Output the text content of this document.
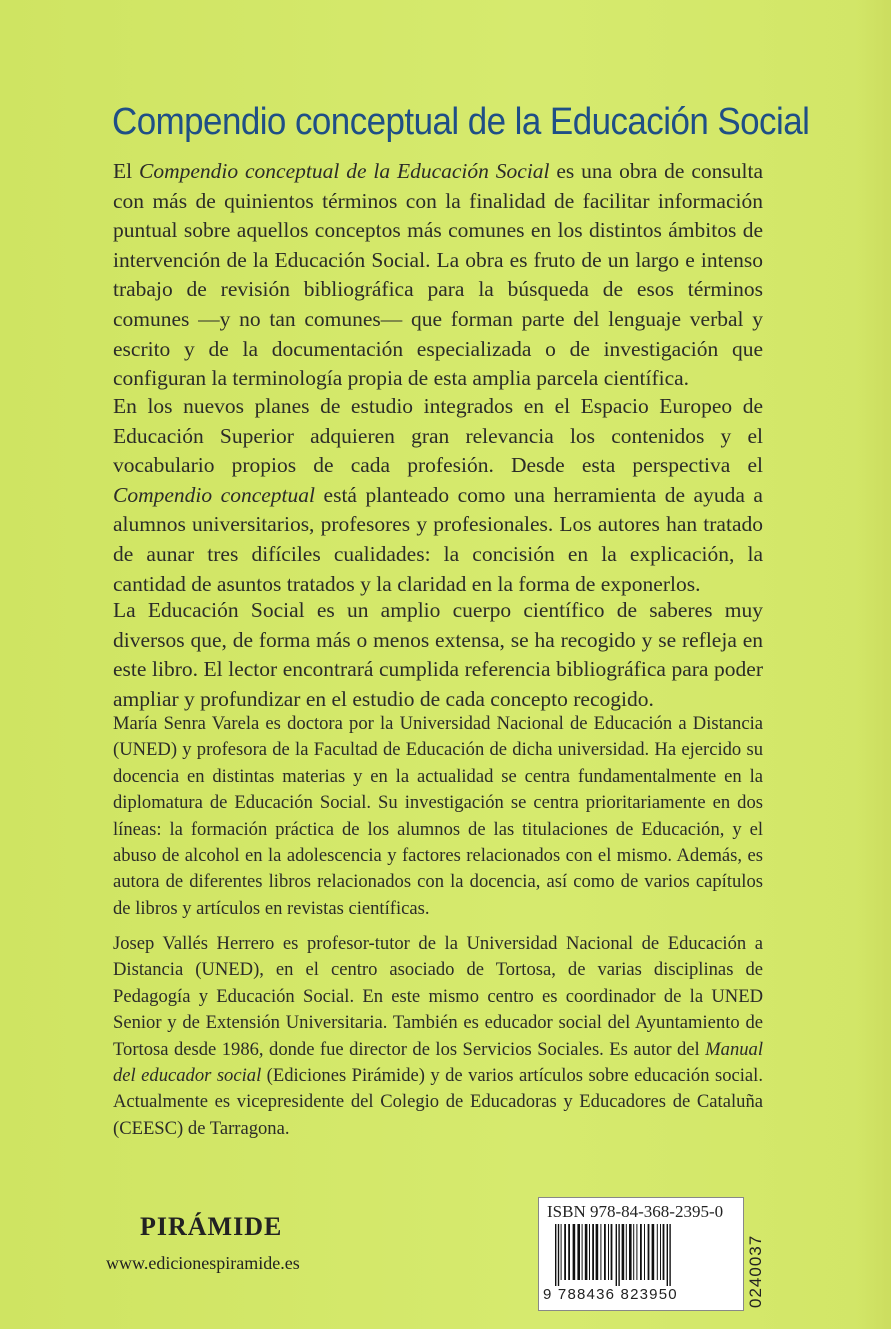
Compendio conceptual de la Educación Social

El Compendio conceptual de la Educación Social es una obra de consulta con más de quinientos términos con la finalidad de facilitar información puntual sobre aquellos conceptos más comunes en los distintos ámbitos de intervención de la Educación Social. La obra es fruto de un largo e intenso trabajo de revisión bibliográfica para la búsqueda de esos términos comunes —y no tan comunes— que forman parte del lenguaje verbal y escrito y de la documentación especializada o de investigación que configuran la terminología propia de esta amplia parcela científica.

En los nuevos planes de estudio integrados en el Espacio Europeo de Educación Superior adquieren gran relevancia los contenidos y el vocabulario propios de cada profesión. Desde esta perspectiva el Compendio conceptual está planteado como una herramienta de ayuda a alumnos universitarios, profesores y profesionales. Los autores han tratado de aunar tres difíciles cualidades: la concisión en la explicación, la cantidad de asuntos tratados y la claridad en la forma de exponerlos.

La Educación Social es un amplio cuerpo científico de saberes muy diversos que, de forma más o menos extensa, se ha recogido y se refleja en este libro. El lector encontrará cumplida referencia bibliográfica para poder ampliar y profundizar en el estudio de cada concepto recogido.

María Senra Varela es doctora por la Universidad Nacional de Educación a Distancia (UNED) y profesora de la Facultad de Educación de dicha universidad. Ha ejercido su docencia en distintas materias y en la actualidad se centra fundamentalmente en la diplomatura de Educación Social. Su investigación se centra prioritariamente en dos líneas: la formación práctica de los alumnos de las titulaciones de Educación, y el abuso de alcohol en la adolescencia y factores relacionados con el mismo. Además, es autora de diferentes libros relacionados con la docencia, así como de varios capítulos de libros y artículos en revistas científicas.

Josep Vallés Herrero es profesor-tutor de la Universidad Nacional de Educación a Distancia (UNED), en el centro asociado de Tortosa, de varias disciplinas de Pedagogía y Educación Social. En este mismo centro es coordinador de la UNED Senior y de Extensión Universitaria. También es educador social del Ayuntamiento de Tortosa desde 1986, donde fue director de los Servicios Sociales. Es autor del Manual del educador social (Ediciones Pirámide) y de varios artículos sobre educación social. Actualmente es vicepresidente del Colegio de Educadoras y Educadores de Cataluña (CEESC) de Tarragona.

PIRÁMIDE
www.edicionespiramide.es
ISBN 978-84-368-2395-0
9 788436 823950	0240037
